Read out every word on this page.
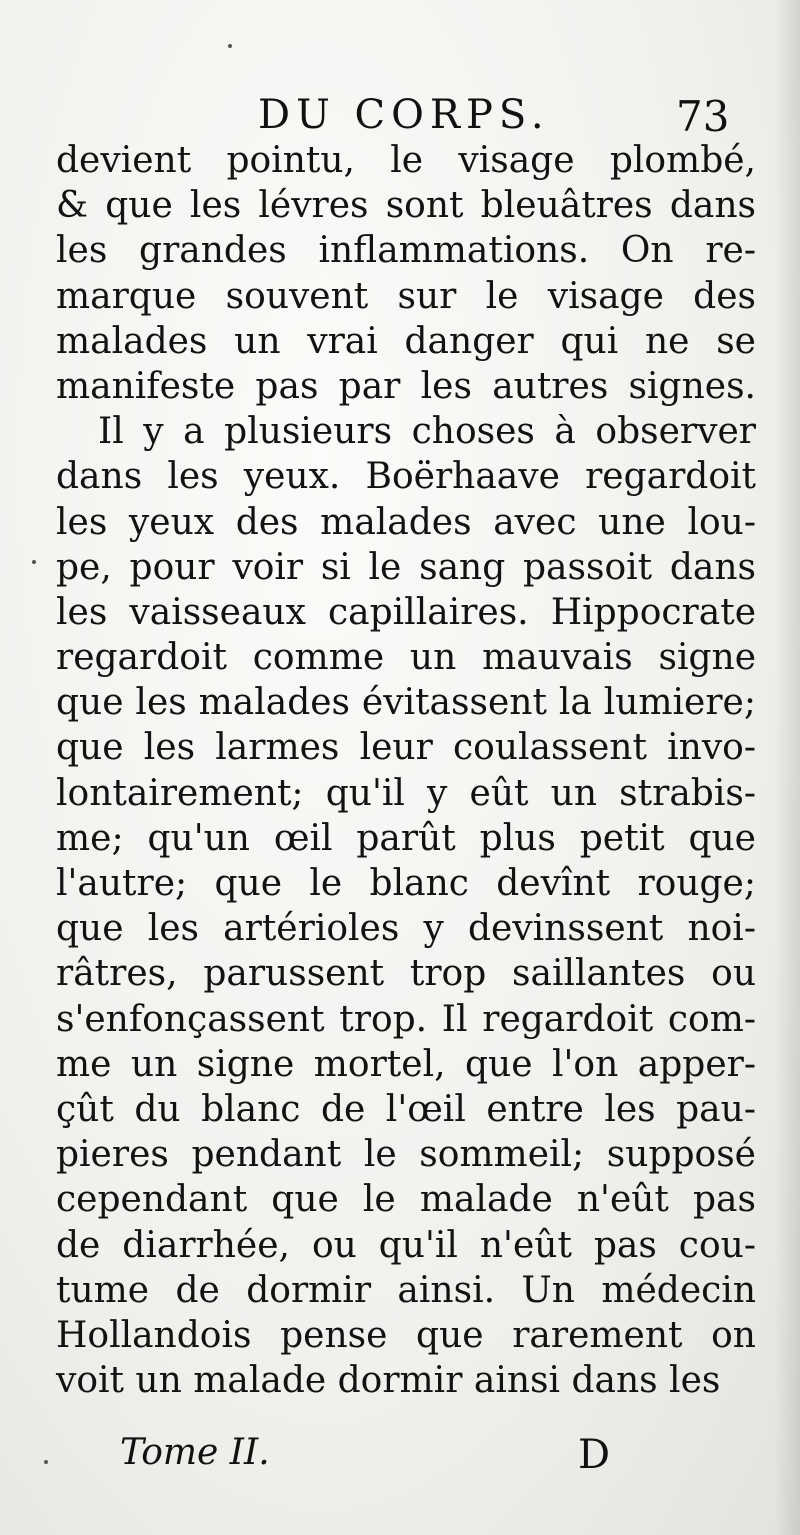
DU CORPS.	73
devient pointu, le visage plombé,
& que les lévres sont bleuâtres dans
les grandes inflammations. On re-
marque souvent sur le visage des
malades un vrai danger qui ne se
manifeste pas par les autres signes.
Il y a plusieurs choses à observer
dans les yeux. Boërhaave regardoit
les yeux des malades avec une lou-
pe, pour voir si le sang passoit dans
les vaisseaux capillaires. Hippocrate
regardoit comme un mauvais signe
que les malades évitassent la lumiere;
que les larmes leur coulassent invo-
lontairement; qu'il y eût un strabis-
me; qu'un œil parût plus petit que
l'autre; que le blanc devînt rouge;
que les artérioles y devinssent noi-
râtres, parussent trop saillantes ou
s'enfonçassent trop. Il regardoit com-
me un signe mortel, que l'on apper-
çût du blanc de l'œil entre les pau-
pieres pendant le sommeil; supposé
cependant que le malade n'eût pas
de diarrhée, ou qu'il n'eût pas cou-
tume de dormir ainsi. Un médecin
Hollandois pense que rarement on
voit un malade dormir ainsi dans les
Tome II.	D
